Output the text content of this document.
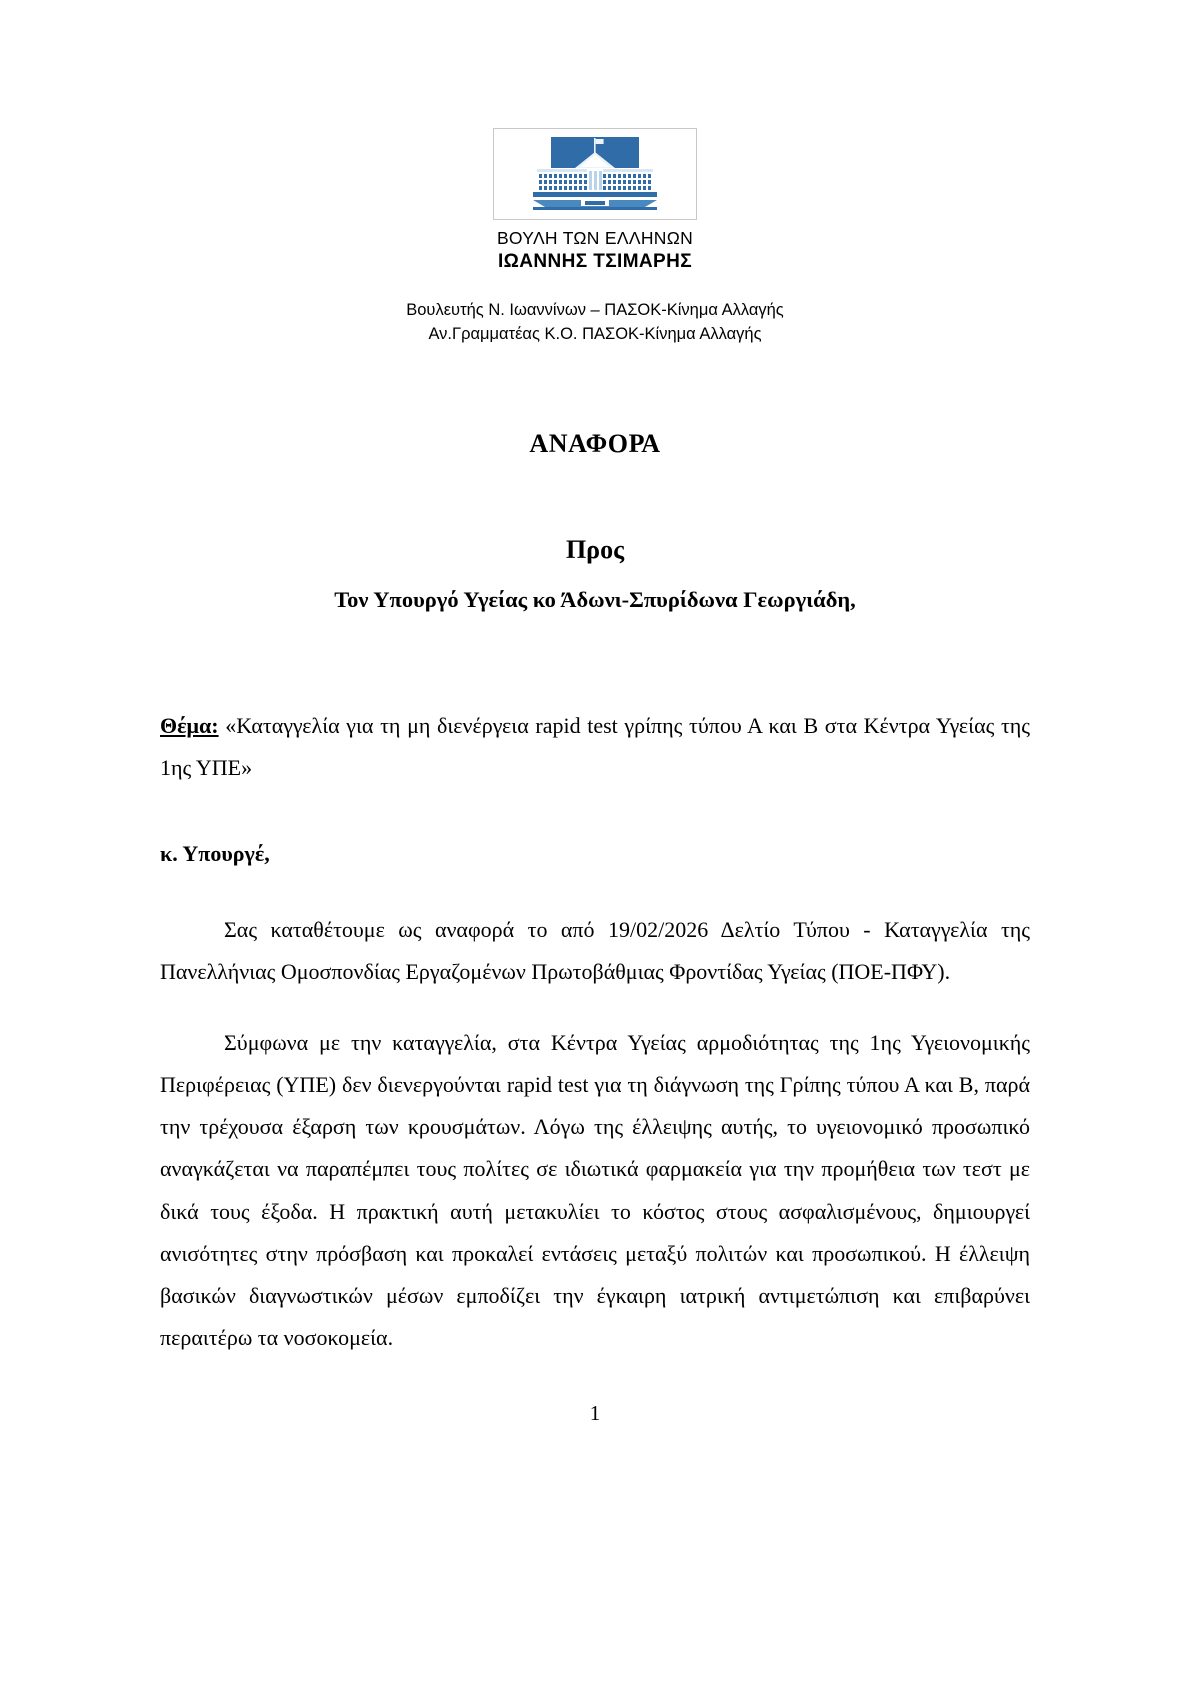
ΒΟΥΛΗ ΤΩΝ ΕΛΛΗΝΩΝ
ΙΩΑΝΝΗΣ ΤΣΙΜΑΡΗΣ
Βουλευτής Ν. Ιωαννίνων – ΠΑΣΟΚ-Κίνημα Αλλαγής
Αν.Γραμματέας Κ.Ο. ΠΑΣΟΚ-Κίνημα Αλλαγής
ΑΝΑΦΟΡΑ
Προς
Τον Υπουργό Υγείας κο Άδωνι-Σπυρίδωνα Γεωργιάδη,
Θέμα: «Καταγγελία για τη μη διενέργεια rapid test γρίπης τύπου Α και Β στα Κέντρα Υγείας της 1ης ΥΠΕ»
κ. Υπουργέ,

Σας καταθέτουμε ως αναφορά το από 19/02/2026 Δελτίο Τύπου - Καταγγελία της Πανελλήνιας Ομοσπονδίας Εργαζομένων Πρωτοβάθμιας Φροντίδας Υγείας (ΠΟΕ-ΠΦΥ).

Σύμφωνα με την καταγγελία, στα Κέντρα Υγείας αρμοδιότητας της 1ης Υγειονομικής Περιφέρειας (ΥΠΕ) δεν διενεργούνται rapid test για τη διάγνωση της Γρίπης τύπου Α και Β, παρά την τρέχουσα έξαρση των κρουσμάτων. Λόγω της έλλειψης αυτής, το υγειονομικό προσωπικό αναγκάζεται να παραπέμπει τους πολίτες σε ιδιωτικά φαρμακεία για την προμήθεια των τεστ με δικά τους έξοδα. Η πρακτική αυτή μετακυλίει το κόστος στους ασφαλισμένους, δημιουργεί ανισότητες στην πρόσβαση και προκαλεί εντάσεις μεταξύ πολιτών και προσωπικού. Η έλλειψη βασικών διαγνωστικών μέσων εμποδίζει την έγκαιρη ιατρική αντιμετώπιση και επιβαρύνει περαιτέρω τα νοσοκομεία.

1
